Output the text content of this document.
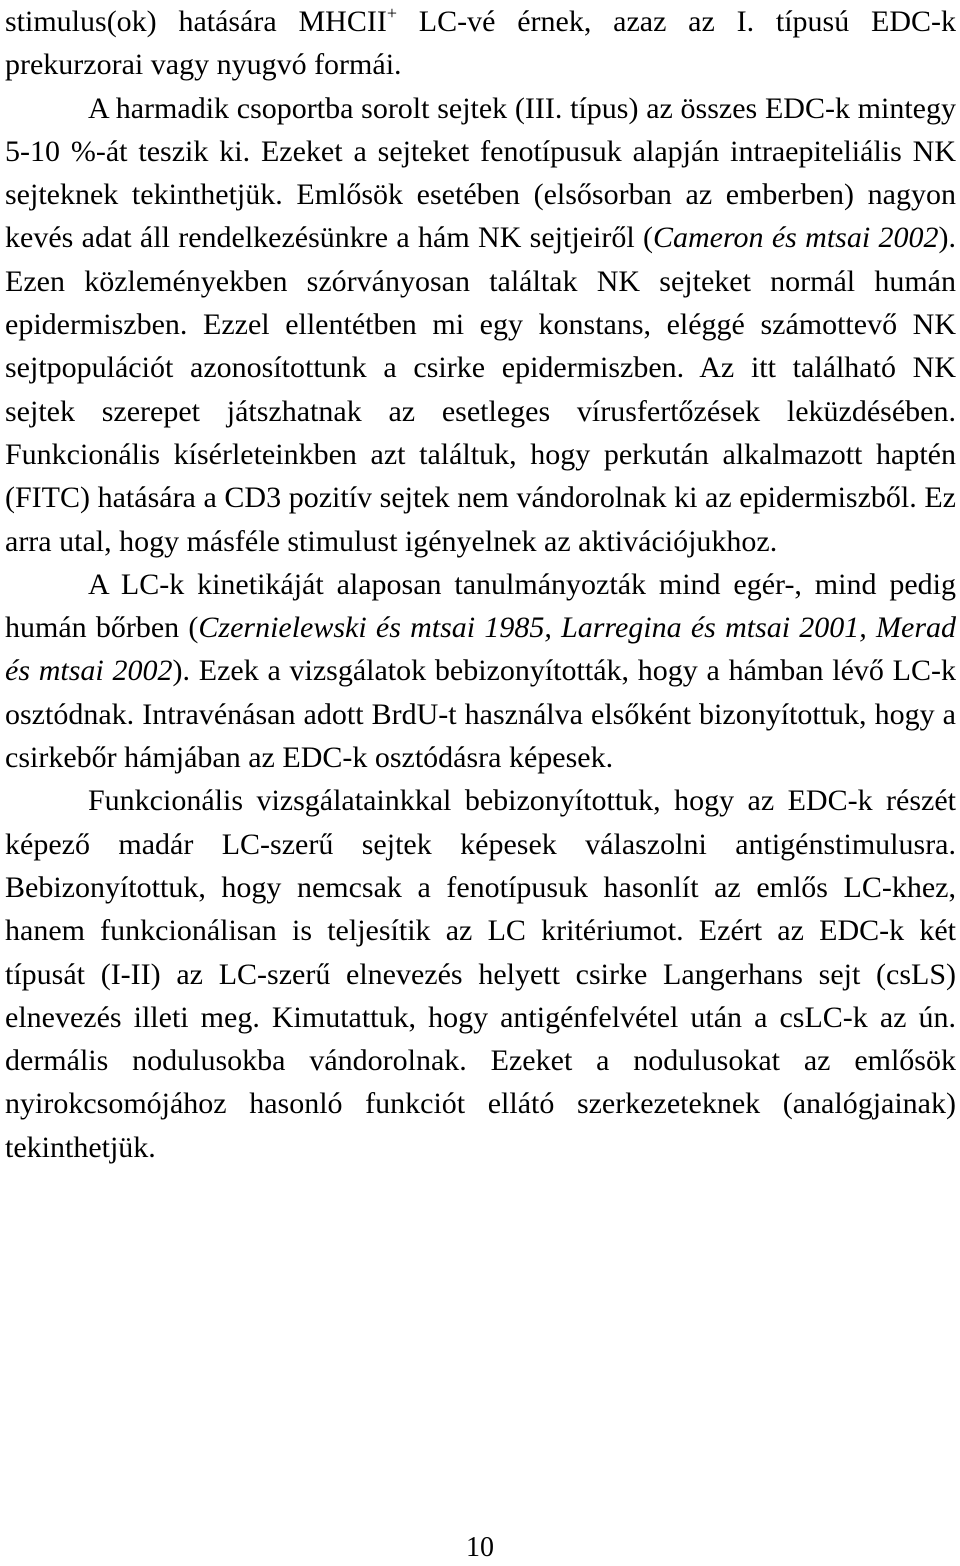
stimulus(ok) hatására MHCII+ LC-vé érnek, azaz az I. típusú EDC-k prekurzorai vagy nyugvó formái.

A harmadik csoportba sorolt sejtek (III. típus) az összes EDC-k mintegy 5-10 %-át teszik ki. Ezeket a sejteket fenotípusuk alapján intraepiteliális NK sejteknek tekinthetjük. Emlősök esetében (elsősorban az emberben) nagyon kevés adat áll rendelkezésünkre a hám NK sejtjeiről (Cameron és mtsai 2002). Ezen közleményekben szórványosan találtak NK sejteket normál humán epidermiszben. Ezzel ellentétben mi egy konstans, eléggé számottevő NK sejtpopulációt azonosítottunk a csirke epidermiszben. Az itt található NK sejtek szerepet játszhatnak az esetleges vírusfertőzések leküzdésében. Funkcionális kísérleteinkben azt találtuk, hogy perkután alkalmazott haptén (FITC) hatására a CD3 pozitív sejtek nem vándorolnak ki az epidermiszből. Ez arra utal, hogy másféle stimulust igényelnek az aktivációjukhoz.

A LC-k kinetikáját alaposan tanulmányozták mind egér-, mind pedig humán bőrben (Czernielewski és mtsai 1985, Larregina és mtsai 2001, Merad és mtsai 2002). Ezek a vizsgálatok bebizonyították, hogy a hámban lévő LC-k osztódnak. Intravénásan adott BrdU-t használva elsőként bizonyítottuk, hogy a csirkebőr hámjában az EDC-k osztódásra képesek.

Funkcionális vizsgálatainkkal bebizonyítottuk, hogy az EDC-k részét képező madár LC-szerű sejtek képesek válaszolni antigénstimulusra. Bebizonyítottuk, hogy nemcsak a fenotípusuk hasonlít az emlős LC-khez, hanem funkcionálisan is teljesítik az LC kritériumot. Ezért az EDC-k két típusát (I-II) az LC-szerű elnevezés helyett csirke Langerhans sejt (csLS) elnevezés illeti meg. Kimutattuk, hogy antigénfelvétel után a csLC-k az ún. dermális nodulusokba vándorolnak. Ezeket a nodulusokat az emlősök nyirokcsomójához hasonló funkciót ellátó szerkezeteknek (analógjainak) tekinthetjük.

10
